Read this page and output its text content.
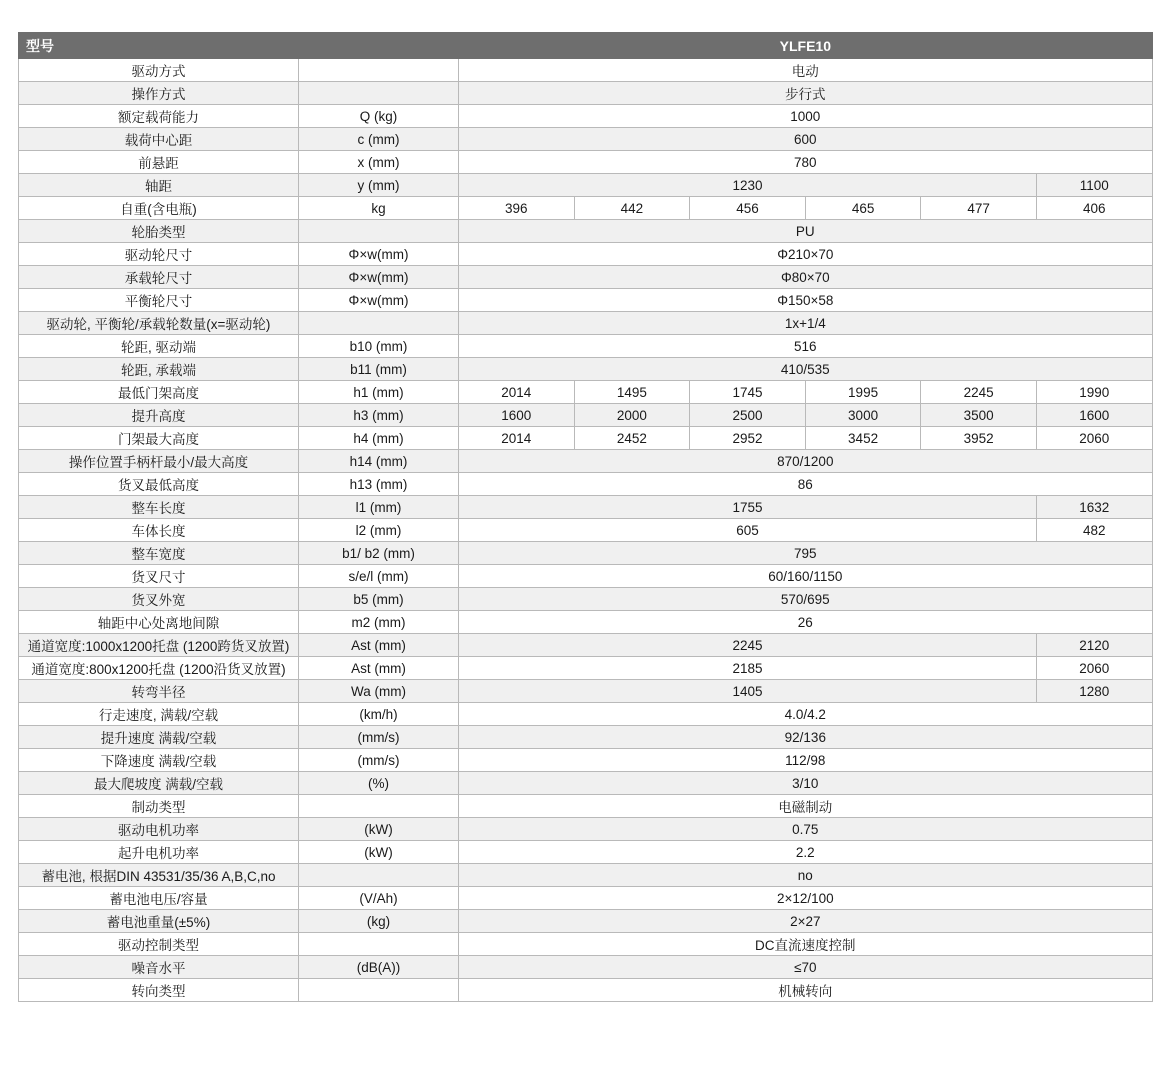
型号		YLFE10					
驱动方式		电动					
操作方式		步行式					
额定载荷能力	Q (kg)	1000					
载荷中心距	c (mm)	600					
前悬距	x (mm)	780					
轴距	y (mm)	1230					1100
自重(含电瓶)	kg	396	442	456	465	477	406
轮胎类型		PU					
驱动轮尺寸	Φ×w(mm)	Φ210×70					
承载轮尺寸	Φ×w(mm)	Φ80×70					
平衡轮尺寸	Φ×w(mm)	Φ150×58					
驱动轮, 平衡轮/承载轮数量(x=驱动轮)		1x+1/4					
轮距, 驱动端	b10 (mm)	516					
轮距, 承载端	b11 (mm)	410/535					
最低门架高度	h1 (mm)	2014	1495	1745	1995	2245	1990
提升高度	h3 (mm)	1600	2000	2500	3000	3500	1600
门架最大高度	h4 (mm)	2014	2452	2952	3452	3952	2060
操作位置手柄杆最小/最大高度	h14 (mm)	870/1200					
货叉最低高度	h13 (mm)	86					
整车长度	l1 (mm)	1755					1632
车体长度	l2 (mm)	605					482
整车宽度	b1/ b2 (mm)	795					
货叉尺寸	s/e/l (mm)	60/160/1150					
货叉外宽	b5 (mm)	570/695					
轴距中心处离地间隙	m2 (mm)	26					
通道宽度:1000x1200托盘 (1200跨货叉放置)	Ast (mm)	2245					2120
通道宽度:800x1200托盘 (1200沿货叉放置)	Ast (mm)	2185					2060
转弯半径	Wa (mm)	1405					1280
行走速度, 满载/空载	(km/h)	4.0/4.2					
提升速度 满载/空载	(mm/s)	92/136					
下降速度 满载/空载	(mm/s)	112/98					
最大爬坡度 满载/空载	(%)	3/10					
制动类型		电磁制动					
驱动电机功率	(kW)	0.75					
起升电机功率	(kW)	2.2					
蓄电池, 根据DIN 43531/35/36 A,B,C,no		no					
蓄电池电压/容量	(V/Ah)	2×12/100					
蓄电池重量(±5%)	(kg)	2×27					
驱动控制类型		DC直流速度控制					
噪音水平	(dB(A))	≤70					
转向类型		机械转向					
